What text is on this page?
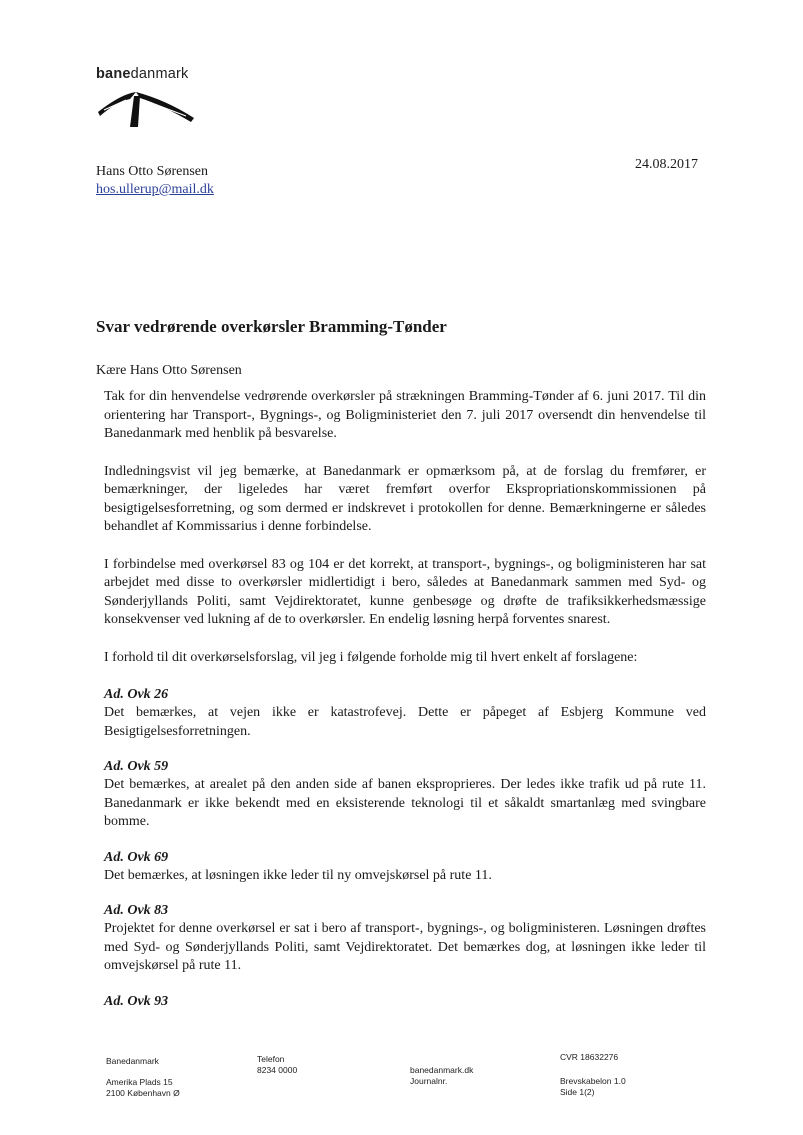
banedanmark
Hans Otto Sørensen
hos.ullerup@mail.dk
24.08.2017
Svar vedrørende overkørsler Bramming-Tønder
Kære Hans Otto Sørensen

Tak for din henvendelse vedrørende overkørsler på strækningen Bramming-Tønder af 6. juni 2017. Til din orientering har Transport-, Bygnings-, og Boligministeriet den 7. juli 2017 oversendt din henvendelse til Banedanmark med henblik på besvarelse.

Indledningsvist vil jeg bemærke, at Banedanmark er opmærksom på, at de forslag du fremfører, er bemærkninger, der ligeledes har været fremført overfor Ekspropriationskommissionen på besigtigelsesforretning, og som dermed er indskrevet i protokollen for denne. Bemærkningerne er således behandlet af Kommissarius i denne forbindelse.

I forbindelse med overkørsel 83 og 104 er det korrekt, at transport-, bygnings-, og boligministeren har sat arbejdet med disse to overkørsler midlertidigt i bero, således at Banedanmark sammen med Syd- og Sønderjyllands Politi, samt Vejdirektoratet, kunne genbesøge og drøfte de trafiksikkerhedsmæssige konsekvenser ved lukning af de to overkørsler. En endelig løsning herpå forventes snarest.

I forhold til dit overkørselsforslag, vil jeg i følgende forholde mig til hvert enkelt af forslagene:

Ad. Ovk 26
Det bemærkes, at vejen ikke er katastrofevej. Dette er påpeget af Esbjerg Kommune ved Besigtigelsesforretningen.
Ad. Ovk 59
Det bemærkes, at arealet på den anden side af banen eksproprieres. Der ledes ikke trafik ud på rute 11. Banedanmark er ikke bekendt med en eksisterende teknologi til et såkaldt smartanlæg med svingbare bomme.
Ad. Ovk 69
Det bemærkes, at løsningen ikke leder til ny omvejskørsel på rute 11.
Ad. Ovk 83
Projektet for denne overkørsel er sat i bero af transport-, bygnings-, og boligministeren. Løsningen drøftes med Syd- og Sønderjyllands Politi, samt Vejdirektoratet. Det bemærkes dog, at løsningen ikke leder til omvejskørsel på rute 11.
Ad. Ovk 93
Banedanmark
Amerika Plads 15
2100 København Ø
Telefon
8234 0000	banedanmark.dk
Journalnr.
CVR 18632276
Brevskabelon 1.0
Side 1(2)
